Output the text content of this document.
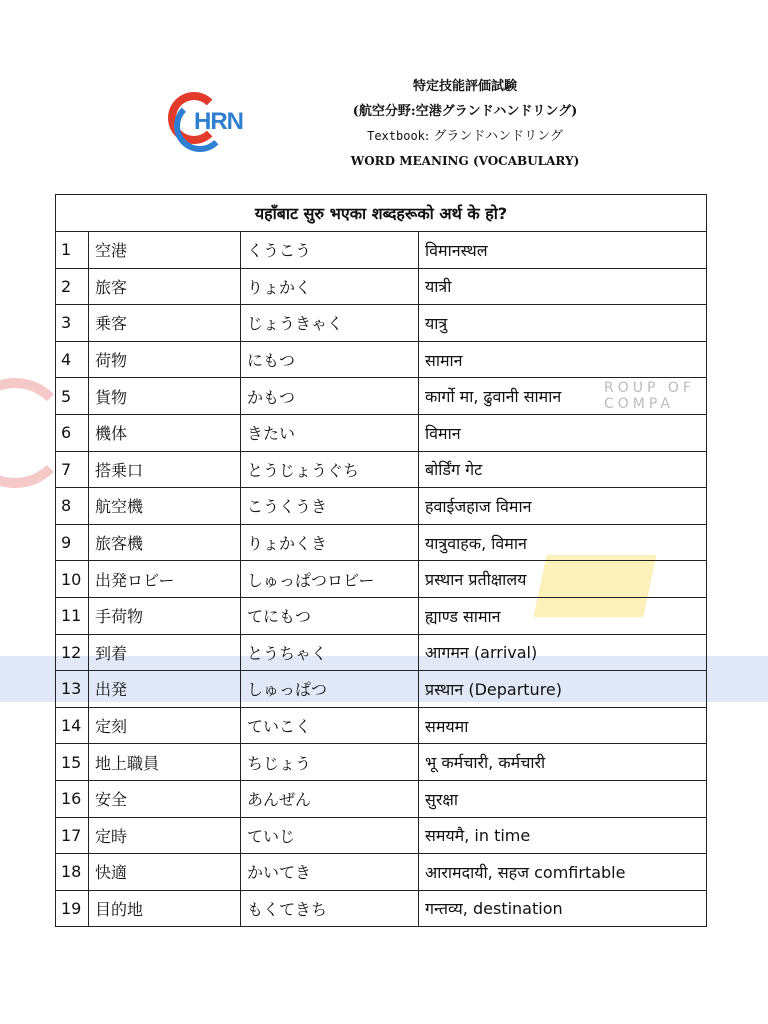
ROUP OF COMPA
HRN
特定技能評価試験
(航空分野:空港グランドハンドリング)
Textbook: グランドハンドリング
WORD MEANING (VOCABULARY)
यहाँबाट सुरु भएका शब्दहरूको अर्थ के हो?			
1	空港	くうこう	विमानस्थल
2	旅客	りょかく	यात्री
3	乗客	じょうきゃく	यात्रु
4	荷物	にもつ	सामान
5	貨物	かもつ	कार्गो मा, ढुवानी सामान
6	機体	きたい	विमान
7	搭乗口	とうじょうぐち	बोर्डिंग गेट
8	航空機	こうくうき	हवाईजहाज विमान
9	旅客機	りょかくき	यात्रुवाहक, विमान
10	出発ロビー	しゅっぱつロビー	प्रस्थान प्रतीक्षालय
11	手荷物	てにもつ	ह्याण्ड सामान
12	到着	とうちゃく	आगमन (arrival)
13	出発	しゅっぱつ	प्रस्थान (Departure)
14	定刻	ていこく	समयमा
15	地上職員	ちじょう	भू कर्मचारी, कर्मचारी
16	安全	あんぜん	सुरक्षा
17	定時	ていじ	समयमै, in time
18	快適	かいてき	आरामदायी, सहज comfirtable
19	目的地	もくてきち	गन्तव्य, destination
